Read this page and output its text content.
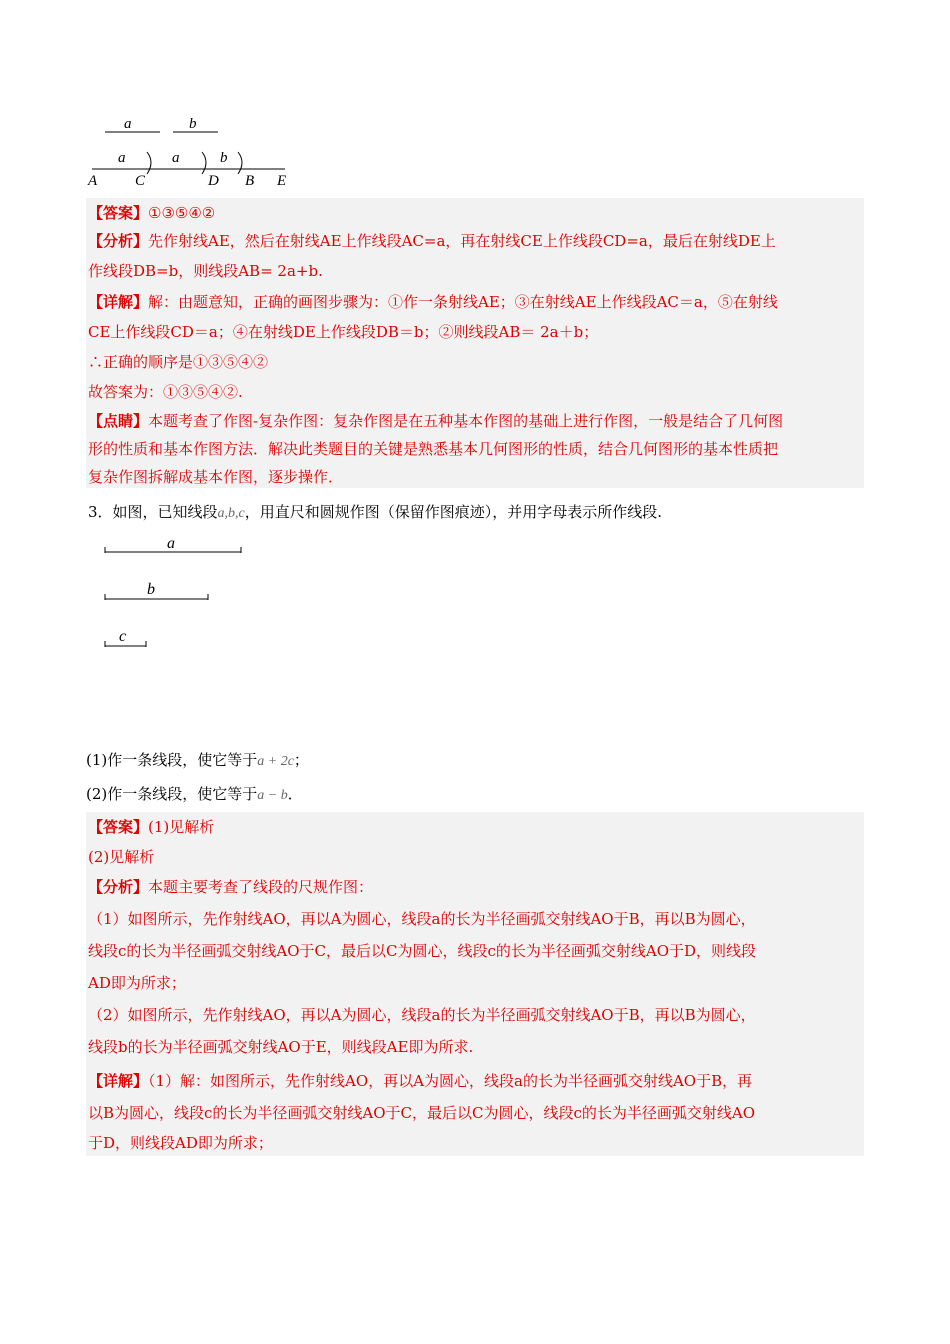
a	b
a	a	b
A	C	D B E
【答案】①③⑤④②
【分析】先作射线AE，然后在射线AE上作线段AC=a，再在射线CE上作线段CD=a，最后在射线DE上
作线段DB=b，则线段AB= 2a+b.
【详解】解：由题意知，正确的画图步骤为：①作一条射线AE；③在射线AE上作线段AC＝a，⑤在射线
CE上作线段CD＝a；④在射线DE上作线段DB＝b；②则线段AB＝ 2a＋b；
∴正确的顺序是①③⑤④②
故答案为：①③⑤④②.
【点睛】本题考查了作图-复杂作图：复杂作图是在五种基本作图的基础上进行作图，一般是结合了几何图
形的性质和基本作图方法．解决此类题目的关键是熟悉基本几何图形的性质，结合几何图形的基本性质把
复杂作图拆解成基本作图，逐步操作．
3．如图，已知线段a,b,c，用直尺和圆规作图（保留作图痕迹），并用字母表示所作线段.
a
b
c
(1)作一条线段，使它等于a + 2c；
(2)作一条线段，使它等于a − b．
【答案】(1)见解析
(2)见解析
【分析】本题主要考查了线段的尺规作图：
（1）如图所示，先作射线AO，再以A为圆心，线段a的长为半径画弧交射线AO于B，再以B为圆心，
线段c的长为半径画弧交射线AO于C，最后以C为圆心，线段c的长为半径画弧交射线AO于D，则线段
AD即为所求；
（2）如图所示，先作射线AO，再以A为圆心，线段a的长为半径画弧交射线AO于B，再以B为圆心，
线段b的长为半径画弧交射线AO于E，则线段AE即为所求.
【详解】（1）解：如图所示，先作射线AO，再以A为圆心，线段a的长为半径画弧交射线AO于B，再
以B为圆心，线段c的长为半径画弧交射线AO于C，最后以C为圆心，线段c的长为半径画弧交射线AO
于D，则线段AD即为所求；
